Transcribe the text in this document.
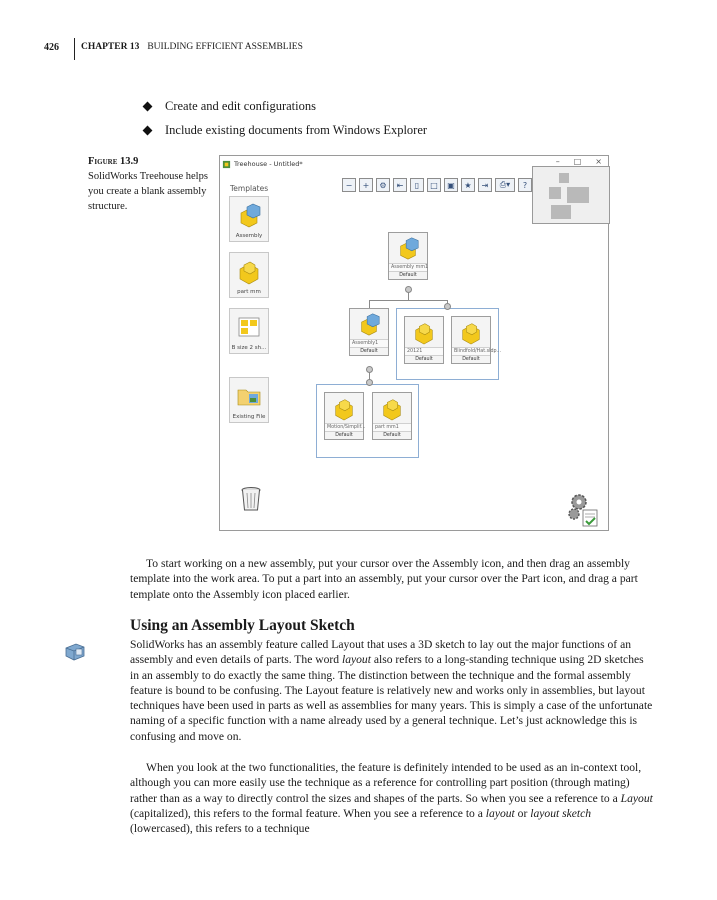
426 CHAPTER 13 BUILDING EFFICIENT ASSEMBLIES
Create and edit configurations
Include existing documents from Windows Explorer
Figure 13.9
SolidWorks Treehouse helps you create a blank assembly structure.
Treehouse - Untitled*	– □ ×
Templates
Assembly
part mm
B size 2 sh...
Existing File
−	+	⚙	⇤	▯	□	▣	★	⇥	⎙▾	?
Assembly mm1
Default
Assembly1
Default	20121
Default
Blindfold/Hat.sldp...
Default
Motion/Simplif...
Default
part mm1
Default

To start working on a new assembly, put your cursor over the Assembly icon, and then drag an assembly template into the work area. To put a part into an assembly, put your cursor over the Part icon, and drag a part template onto the Assembly icon placed earlier.

Using an Assembly Layout Sketch

SolidWorks has an assembly feature called Layout that uses a 3D sketch to lay out the major functions of an assembly and even details of parts. The word layout also refers to a long-standing technique using 2D sketches in an assembly to do exactly the same thing. The distinction between the technique and the formal assembly feature is bound to be confusing. The Layout feature is relatively new and works only in assemblies, but layout techniques have been used in parts as well as assemblies for many years. This is simply a case of the unfortunate naming of a specific function with a name already used by a general technique. Let’s just acknowledge this is confusing and move on.

When you look at the two functionalities, the feature is definitely intended to be used as an in-context tool, although you can more easily use the technique as a reference for controlling part position (through mating) rather than as a way to directly control the sizes and shapes of the parts. So when you see a reference to a Layout (capitalized), this refers to the formal feature. When you see a reference to a layout or layout sketch (lowercased), this refers to a technique
